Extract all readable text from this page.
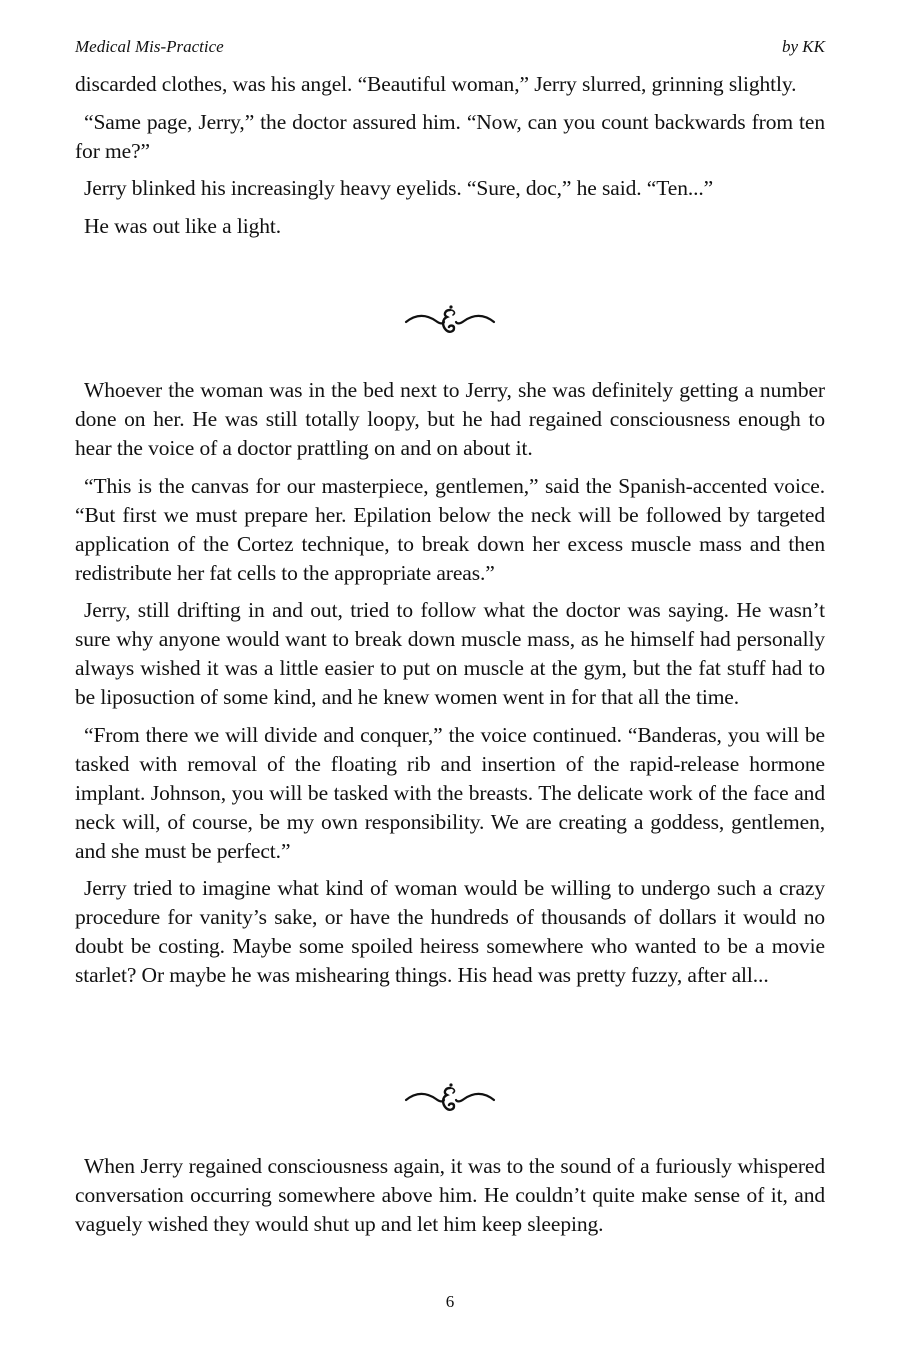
Medical Mis-Practice	by KK

discarded clothes, was his angel. “Beautiful woman,” Jerry slurred, grinning slightly.

“Same page, Jerry,” the doctor assured him. “Now, can you count backwards from ten for me?”

Jerry blinked his increasingly heavy eyelids. “Sure, doc,” he said. “Ten...”

He was out like a light.

Whoever the woman was in the bed next to Jerry, she was definitely getting a number done on her. He was still totally loopy, but he had regained consciousness enough to hear the voice of a doctor prattling on and on about it.

“This is the canvas for our masterpiece, gentlemen,” said the Spanish-accented voice. “But first we must prepare her. Epilation below the neck will be followed by targeted application of the Cortez technique, to break down her excess muscle mass and then redistribute her fat cells to the appropriate areas.”

Jerry, still drifting in and out, tried to follow what the doctor was saying. He wasn’t sure why anyone would want to break down muscle mass, as he himself had personally always wished it was a little easier to put on muscle at the gym, but the fat stuff had to be liposuction of some kind, and he knew women went in for that all the time.

“From there we will divide and conquer,” the voice continued. “Banderas, you will be tasked with removal of the floating rib and insertion of the rapid-release hormone implant. Johnson, you will be tasked with the breasts. The delicate work of the face and neck will, of course, be my own responsibility. We are creating a goddess, gentlemen, and she must be perfect.”

Jerry tried to imagine what kind of woman would be willing to undergo such a crazy procedure for vanity’s sake, or have the hundreds of thousands of dollars it would no doubt be costing. Maybe some spoiled heiress somewhere who wanted to be a movie starlet? Or maybe he was mishearing things. His head was pretty fuzzy, after all...

When Jerry regained consciousness again, it was to the sound of a furiously whispered conversation occurring somewhere above him. He couldn’t quite make sense of it, and vaguely wished they would shut up and let him keep sleeping.

6
